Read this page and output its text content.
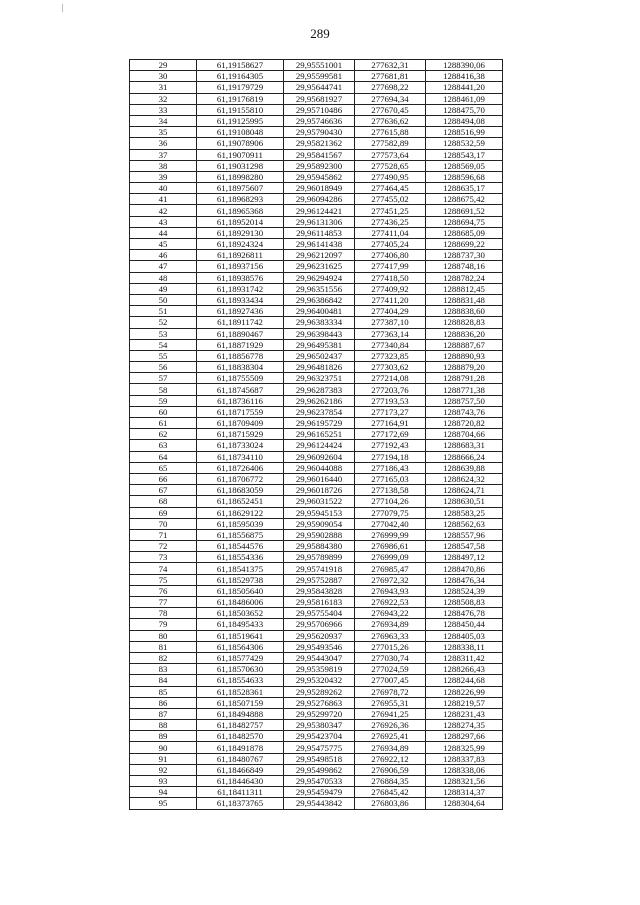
289
29	61,19158627	29,95551001	277632,31	1288390,06
30	61,19164305	29,95599581	277681,81	1288416,38
31	61,19179729	29,95644741	277698,22	1288441,20
32	61,19176819	29,95681927	277694,34	1288461,09
33	61,19155810	29,95710486	277670,45	1288475,70
34	61,19125995	29,95746636	277636,62	1288494,08
35	61,19108048	29,95790430	277615,88	1288516,99
36	61,19078906	29,95821362	277582,89	1288532,59
37	61,19070911	29,95841567	277573,64	1288543,17
38	61,19031298	29,95892300	277528,65	1288569,05
39	61,18998280	29,95945862	277490,95	1288596,68
40	61,18975607	29,96018949	277464,45	1288635,17
41	61,18968293	29,96094286	277455,02	1288675,42
42	61,18965368	29,96124421	277451,25	1288691,52
43	61,18952014	29,96131306	277436,25	1288694,75
44	61,18929130	29,96114853	277411,04	1288685,09
45	61,18924324	29,96141438	277405,24	1288699,22
46	61,18926811	29,96212097	277406,80	1288737,30
47	61,18937156	29,96231625	277417,99	1288748,16
48	61,18938576	29,96294924	277418,50	1288782,24
49	61,18931742	29,96351556	277409,92	1288812,45
50	61,18933434	29,96386842	277411,20	1288831,48
51	61,18927436	29,96400481	277404,29	1288838,60
52	61,18911742	29,96383334	277387,10	1288828,83
53	61,18890467	29,96398443	277363,14	1288836,20
54	61,18871929	29,96495381	277340,84	1288887,67
55	61,18856778	29,96502437	277323,85	1288890,93
56	61,18838304	29,96481826	277303,62	1288879,20
57	61,18755509	29,96323751	277214,08	1288791,28
58	61,18745687	29,96287383	277203,76	1288771,38
59	61,18736116	29,96262186	277193,53	1288757,50
60	61,18717559	29,96237854	277173,27	1288743,76
61	61,18709409	29,96195729	277164,91	1288720,82
62	61,18715929	29,96165251	277172,69	1288704,66
63	61,18733024	29,96124424	277192,43	1288683,31
64	61,18734110	29,96092604	277194,18	1288666,24
65	61,18726406	29,96044088	277186,43	1288639,88
66	61,18706772	29,96016440	277165,03	1288624,32
67	61,18683059	29,96018726	277138,58	1288624,71
68	61,18652451	29,96031522	277104,26	1288630,51
69	61,18629122	29,95945153	277079,75	1288583,25
70	61,18595039	29,95909054	277042,40	1288562,63
71	61,18556875	29,95902888	276999,99	1288557,96
72	61,18544576	29,95884380	276986,61	1288547,58
73	61,18554336	29,95789899	276999,09	1288497,12
74	61,18541375	29,95741918	276985,47	1288470,86
75	61,18529738	29,95752887	276972,32	1288476,34
76	61,18505640	29,95843828	276943,93	1288524,39
77	61,18486006	29,95816183	276922,53	1288508,83
78	61,18503652	29,95755404	276943,22	1288476,78
79	61,18495433	29,95706966	276934,89	1288450,44
80	61,18519641	29,95620937	276963,33	1288405,03
81	61,18564306	29,95493546	277015,26	1288338,11
82	61,18577429	29,95443047	277030,74	1288311,42
83	61,18570630	29,95359819	277024,59	1288266,43
84	61,18554633	29,95320432	277007,45	1288244,68
85	61,18528361	29,95289262	276978,72	1288226,99
86	61,18507159	29,95276863	276955,31	1288219,57
87	61,18494888	29,95299720	276941,25	1288231,43
88	61,18482757	29,95380347	276926,36	1288274,35
89	61,18482570	29,95423704	276925,41	1288297,66
90	61,18491878	29,95475775	276934,89	1288325,99
91	61,18480767	29,95498518	276922,12	1288337,83
92	61,18466849	29,95499862	276906,59	1288338,06
93	61,18446430	29,95470533	276884,35	1288321,56
94	61,18411311	29,95459479	276845,42	1288314,37
95	61,18373765	29,95443842	276803,86	1288304,64
